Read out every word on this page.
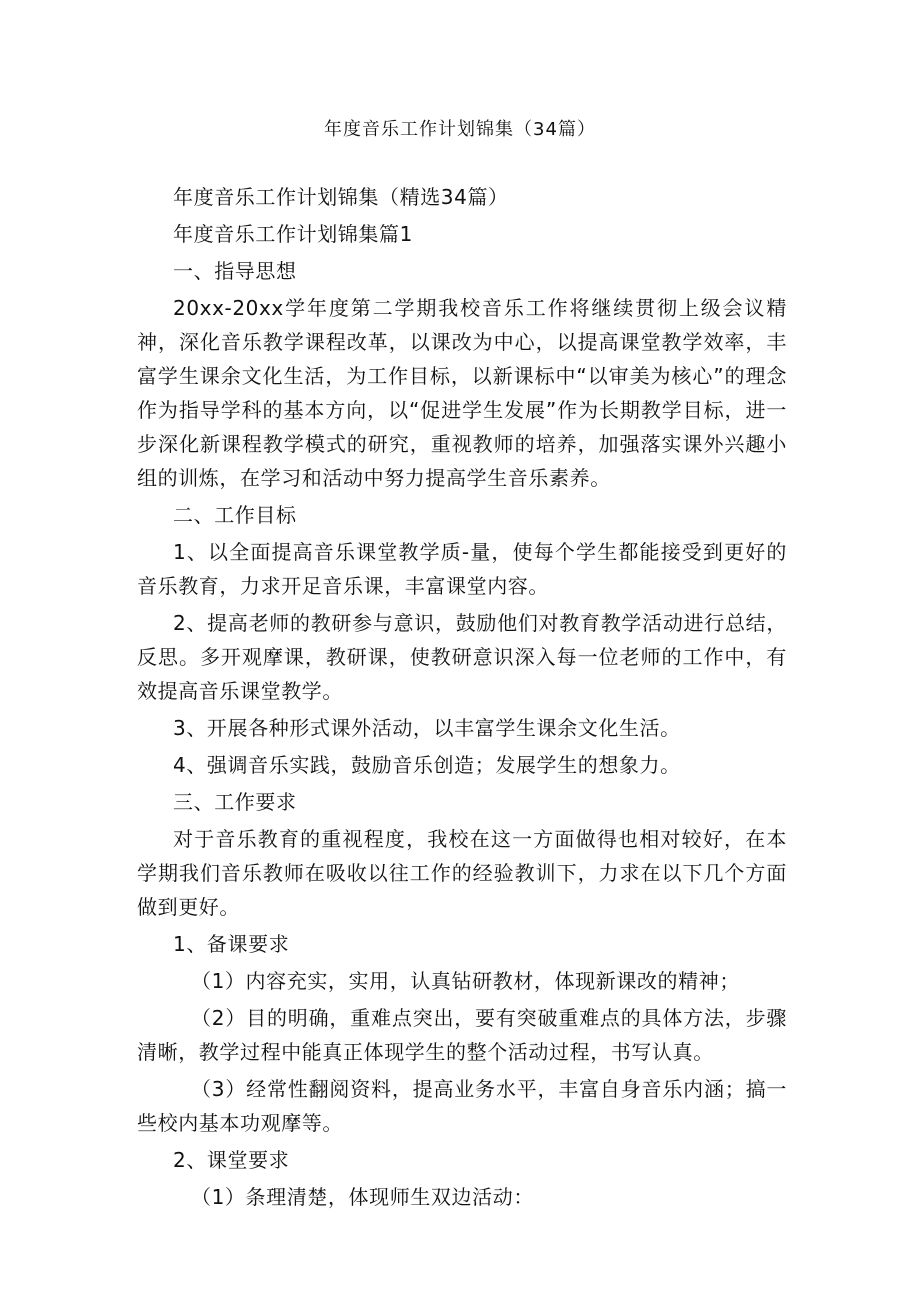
年度音乐工作计划锦集（34篇）

年度音乐工作计划锦集（精选34篇）

年度音乐工作计划锦集篇1

一、指导思想

20xx-20xx学年度第二学期我校音乐工作将继续贯彻上级会议精神，深化音乐教学课程改革，以课改为中心，以提高课堂教学效率，丰富学生课余文化生活，为工作目标，以新课标中“以审美为核心”的理念作为指导学科的基本方向，以“促进学生发展”作为长期教学目标，进一步深化新课程教学模式的研究，重视教师的培养，加强落实课外兴趣小组的训炼，在学习和活动中努力提高学生音乐素养。

二、工作目标

1、以全面提高音乐课堂教学质-量，使每个学生都能接受到更好的音乐教育，力求开足音乐课，丰富课堂内容。

2、提高老师的教研参与意识，鼓励他们对教育教学活动进行总结，反思。多开观摩课，教研课，使教研意识深入每一位老师的工作中，有效提高音乐课堂教学。

3、开展各种形式课外活动，以丰富学生课余文化生活。

4、强调音乐实践，鼓励音乐创造；发展学生的想象力。

三、工作要求

对于音乐教育的重视程度，我校在这一方面做得也相对较好，在本学期我们音乐教师在吸收以往工作的经验教训下，力求在以下几个方面做到更好。

1、备课要求

（1）内容充实，实用，认真钻研教材，体现新课改的精神；

（2）目的明确，重难点突出，要有突破重难点的具体方法，步骤清晰，教学过程中能真正体现学生的整个活动过程，书写认真。

（3）经常性翻阅资料，提高业务水平，丰富自身音乐内涵；搞一些校内基本功观摩等。

2、课堂要求

（1）条理清楚，体现师生双边活动：
